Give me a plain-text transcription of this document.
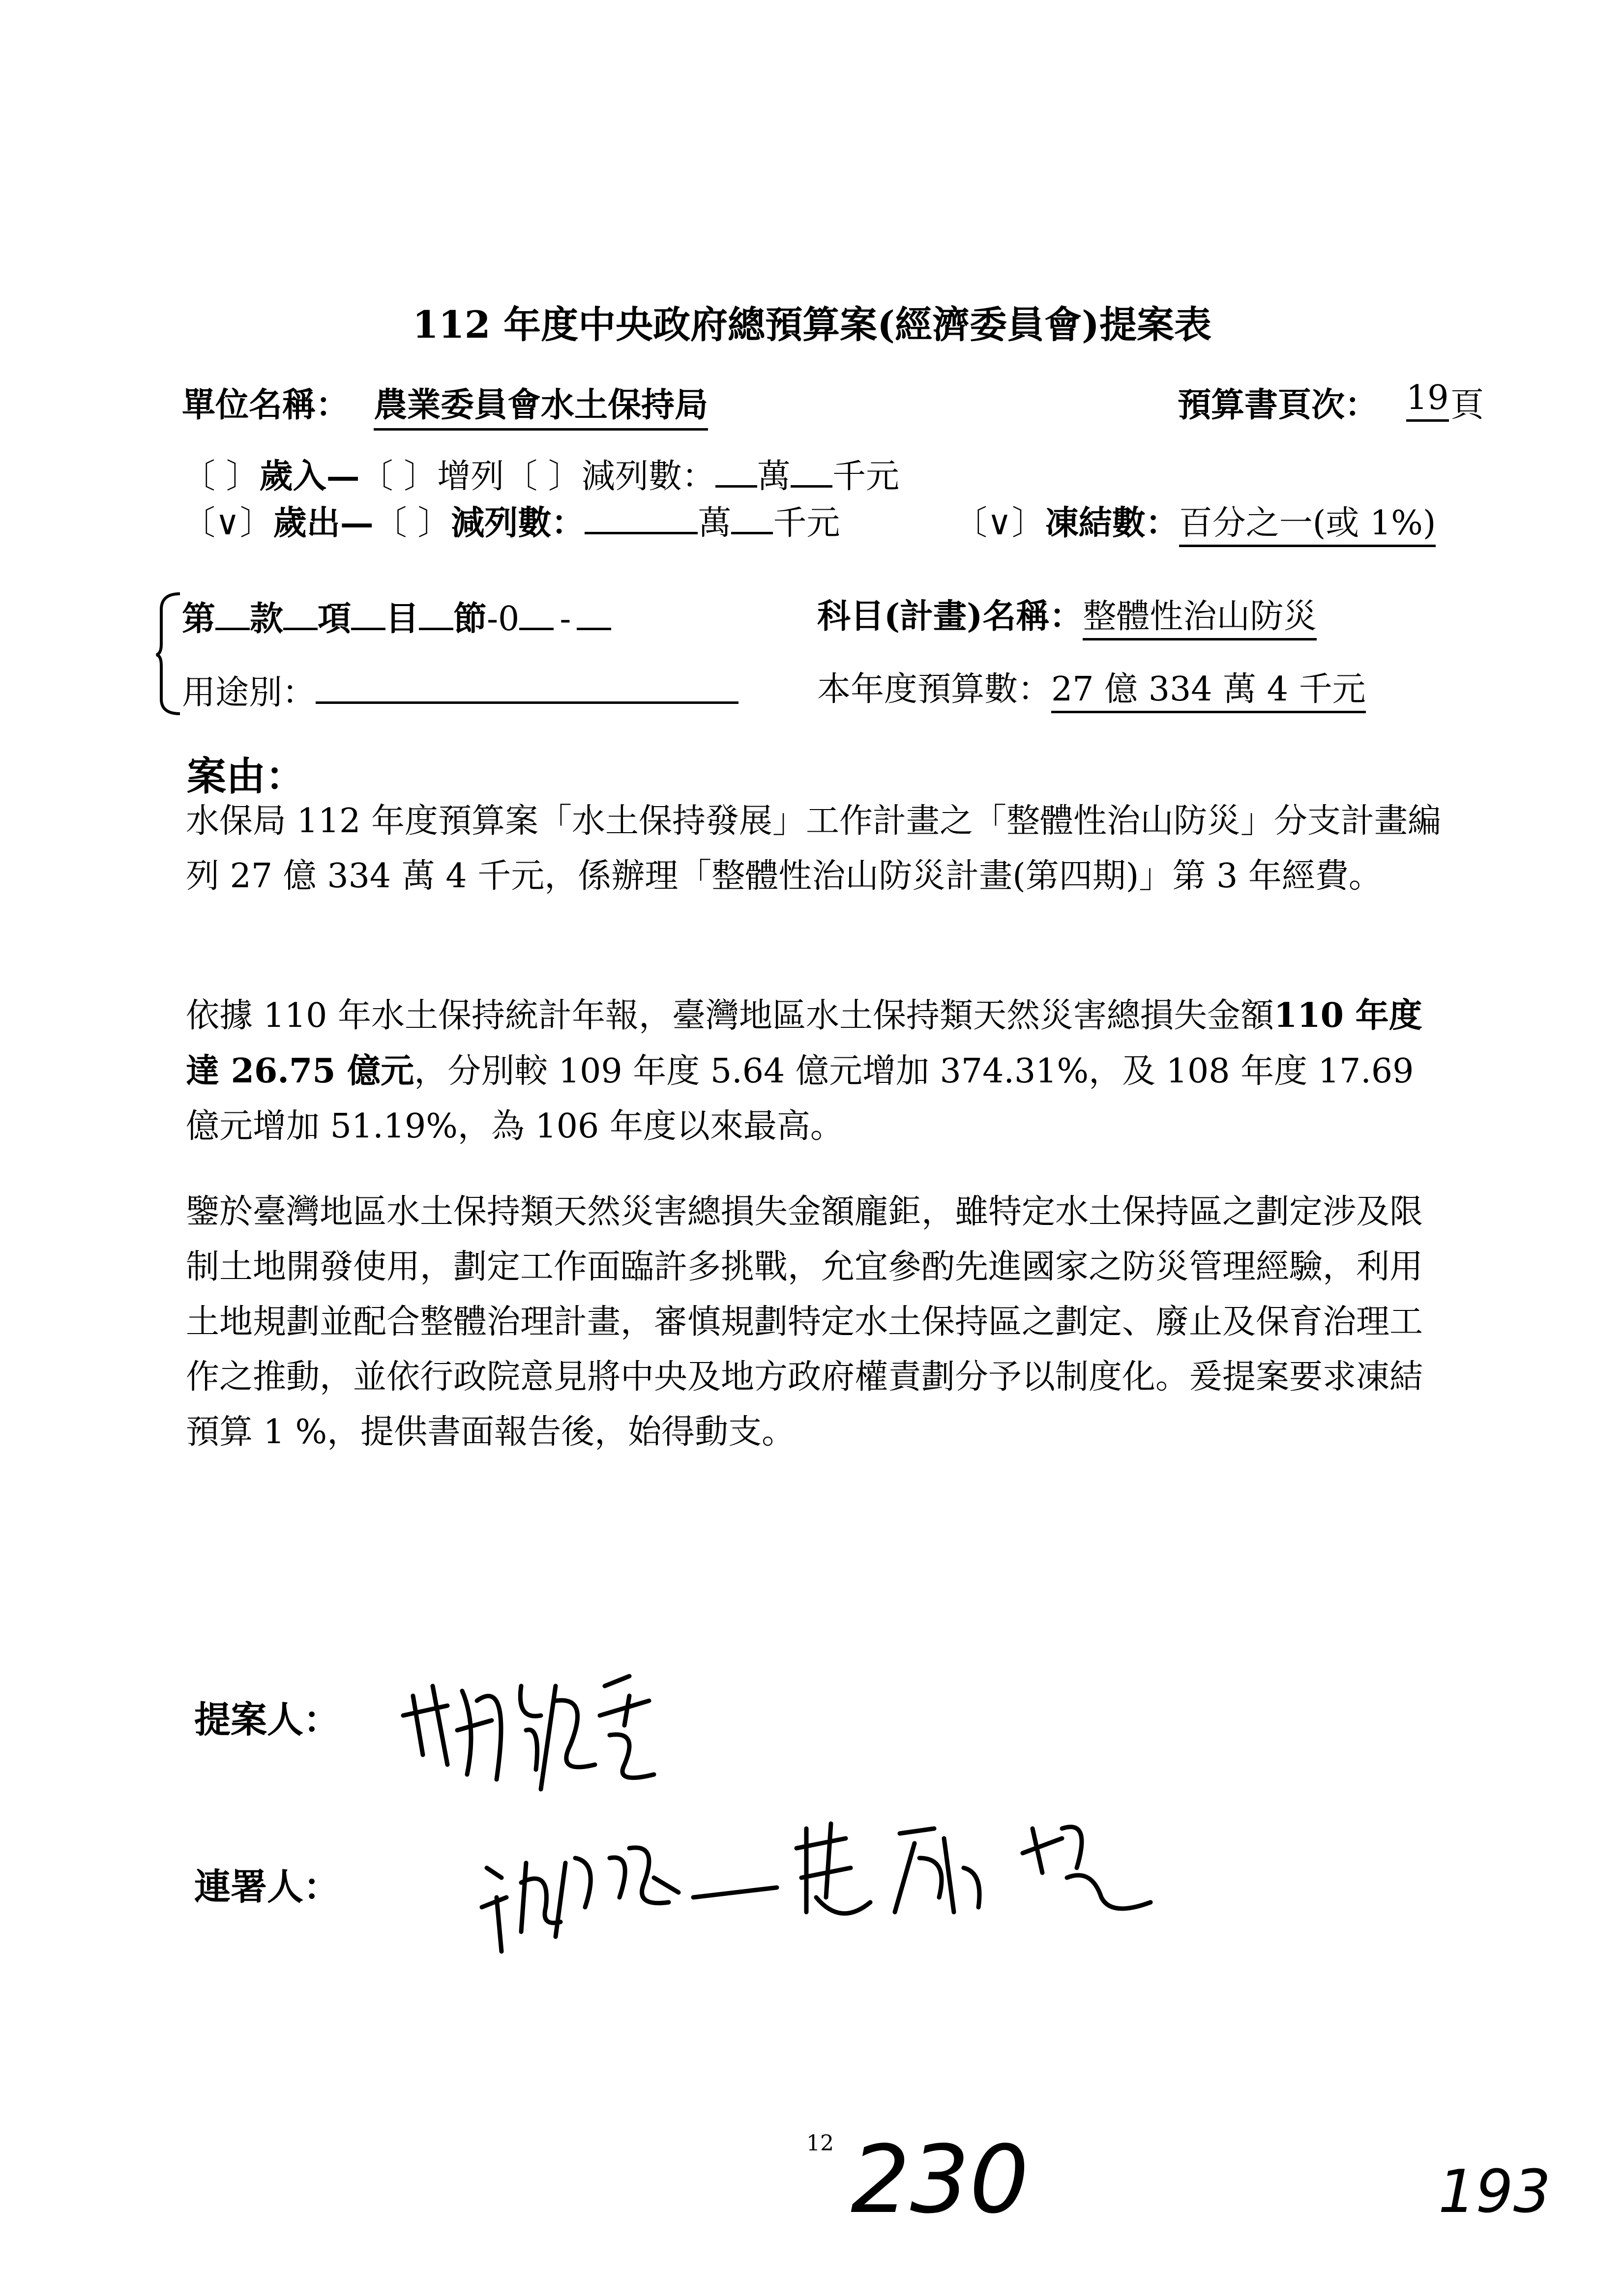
112 年度中央政府總預算案(經濟委員會)提案表
單位名稱： 農業委員會水土保持局	預算書頁次： 19 頁
〔 〕歲入—〔 〕增列〔 〕減列數： 萬 千元
〔∨〕歲出—〔 〕減列數：	萬 千元	〔∨〕凍結數：百分之一(或 1%)
第 款 項 目 節-0 -	科目(計畫)名稱：整體性治山防災
用途別：	本年度預算數：27 億 334 萬 4 千元
案由：

水保局 112 年度預算案「水土保持發展」工作計畫之「整體性治山防災」分支計畫編列 27 億 334 萬 4 千元，係辦理「整體性治山防災計畫(第四期)」第 3 年經費。

依據 110 年水土保持統計年報，臺灣地區水土保持類天然災害總損失金額110 年度達 26.75 億元，分別較 109 年度 5.64 億元增加 374.31%，及 108 年度 17.69 億元增加 51.19%，為 106 年度以來最高。

鑒於臺灣地區水土保持類天然災害總損失金額龐鉅，雖特定水土保持區之劃定涉及限制土地開發使用，劃定工作面臨許多挑戰，允宜參酌先進國家之防災管理經驗，利用土地規劃並配合整體治理計畫，審慎規劃特定水土保持區之劃定、廢止及保育治理工作之推動，並依行政院意見將中央及地方政府權責劃分予以制度化。爰提案要求凍結預算 1 %，提供書面報告後，始得動支。

提案人：
連署人：
12 230	193
